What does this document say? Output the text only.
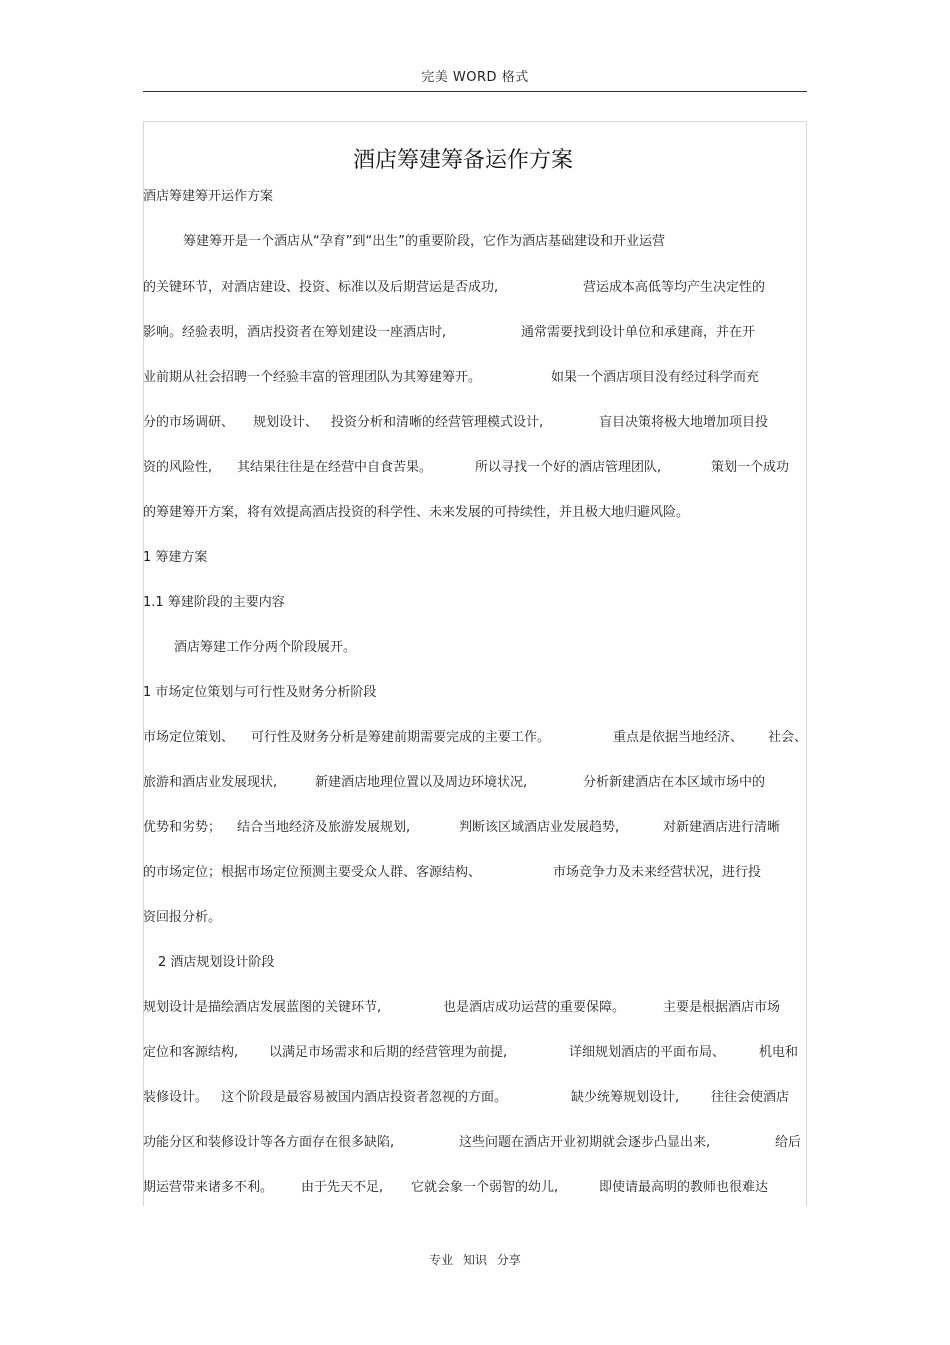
完美 WORD 格式
酒店筹建筹备运作方案
酒店筹建筹开运作方案
筹建筹开是一个酒店从“孕育”到“出生”的重要阶段，它作为酒店基础建设和开业运营
的关键环节，对酒店建设、投资、标准以及后期营运是否成功,	营运成本高低等均产生决定性的
影响。经验表明，酒店投资者在筹划建设一座酒店时,	通常需要找到设计单位和承建商，并在开
业前期从社会招聘一个经验丰富的管理团队为其筹建筹开。	如果一个酒店项目没有经过科学而充
分的市场调研、 规划设计、 投资分析和清晰的经营管理模式设计,	盲目决策将极大地增加项目投
资的风险性, 其结果往往是在经营中自食苦果。	所以寻找一个好的酒店管理团队,	策划一个成功
的筹建筹开方案，将有效提高酒店投资的科学性、未来发展的可持续性，并且极大地归避风险。
1 筹建方案
1.1 筹建阶段的主要内容
酒店筹建工作分两个阶段展开。
1 市场定位策划与可行性及财务分析阶段
市场定位策划、 可行性及财务分析是筹建前期需要完成的主要工作。	重点是依据当地经济、 社会、
旅游和酒店业发展现状,	新建酒店地理位置以及周边环境状况,	分析新建酒店在本区域市场中的
优势和劣势； 结合当地经济及旅游发展规划,	判断该区域酒店业发展趋势,	对新建酒店进行清晰
的市场定位；根据市场定位预测主要受众人群、客源结构、	市场竞争力及未来经营状况，进行投
资回报分析。
2 酒店规划设计阶段
规划设计是描绘酒店发展蓝图的关键环节,	也是酒店成功运营的重要保障。	主要是根据酒店市场
定位和客源结构, 以满足市场需求和后期的经营管理为前提,	详细规划酒店的平面布局、	机电和
装修设计。 这个阶段是最容易被国内酒店投资者忽视的方面。	缺少统筹规划设计, 往往会使酒店
功能分区和装修设计等各方面存在很多缺陷,	这些问题在酒店开业初期就会逐步凸显出来,	给后
期运营带来诸多不利。 由于先天不足, 它就会象一个弱智的幼儿,	即使请最高明的教师也很难达
专业 知识 分享
